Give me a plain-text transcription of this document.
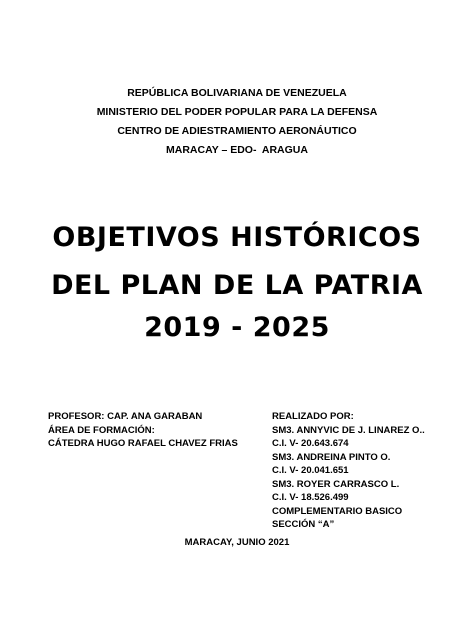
REPÚBLICA BOLIVARIANA DE VENEZUELA
MINISTERIO DEL PODER POPULAR PARA LA DEFENSA
CENTRO DE ADIESTRAMIENTO AERONÁUTICO
MARACAY – EDO-  ARAGUA
OBJETIVOS HISTÓRICOS
DEL PLAN DE LA PATRIA
2019 - 2025
PROFESOR: CAP. ANA GARABAN
ÁREA DE FORMACIÓN:
CÁTEDRA HUGO RAFAEL CHAVEZ FRIAS
REALIZADO POR:
SM3. ANNYVIC DE J. LINAREZ O..
C.I. V- 20.643.674
SM3. ANDREINA PINTO O.
C.I. V- 20.041.651
SM3. ROYER CARRASCO L.
C.I. V- 18.526.499
COMPLEMENTARIO BASICO
SECCIÓN “A”
MARACAY, JUNIO 2021
